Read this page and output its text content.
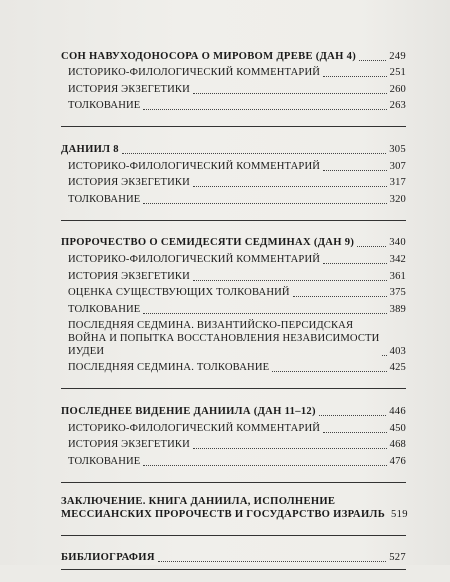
СОН НАВУХОДОНОСОРА О МИРОВОМ ДРЕВЕ (ДАН 4)	249
ИСТОРИКО-ФИЛОЛОГИЧЕСКИЙ КОММЕНТАРИЙ	251
ИСТОРИЯ ЭКЗЕГЕТИКИ	260
ТОЛКОВАНИЕ	263
ДАНИИЛ 8	305
ИСТОРИКО-ФИЛОЛОГИЧЕСКИЙ КОММЕНТАРИЙ	307
ИСТОРИЯ ЭКЗЕГЕТИКИ	317
ТОЛКОВАНИЕ	320
ПРОРОЧЕСТВО О СЕМИДЕСЯТИ СЕДМИНАХ (ДАН 9)	340
ИСТОРИКО-ФИЛОЛОГИЧЕСКИЙ КОММЕНТАРИЙ	342
ИСТОРИЯ ЭКЗЕГЕТИКИ	361
ОЦЕНКА СУЩЕСТВУЮЩИХ ТОЛКОВАНИЙ	375
ТОЛКОВАНИЕ	389
ПОСЛЕДНЯЯ СЕДМИНА. ВИЗАНТИЙСКО-ПЕРСИДСКАЯ
ВОЙНА И ПОПЫТКА ВОССТАНОВЛЕНИЯ НЕЗАВИСИМОСТИ
ИУДЕИ	403
ПОСЛЕДНЯЯ СЕДМИНА. ТОЛКОВАНИЕ	425
ПОСЛЕДНЕЕ ВИДЕНИЕ ДАНИИЛА (ДАН 11–12)	446
ИСТОРИКО-ФИЛОЛОГИЧЕСКИЙ КОММЕНТАРИЙ	450
ИСТОРИЯ ЭКЗЕГЕТИКИ	468
ТОЛКОВАНИЕ	476
ЗАКЛЮЧЕНИЕ. КНИГА ДАНИИЛА, ИСПОЛНЕНИЕ
МЕССИАНСКИХ ПРОРОЧЕСТВ И ГОСУДАРСТВО ИЗРАИЛЬ 519
БИБЛИОГРАФИЯ	527
